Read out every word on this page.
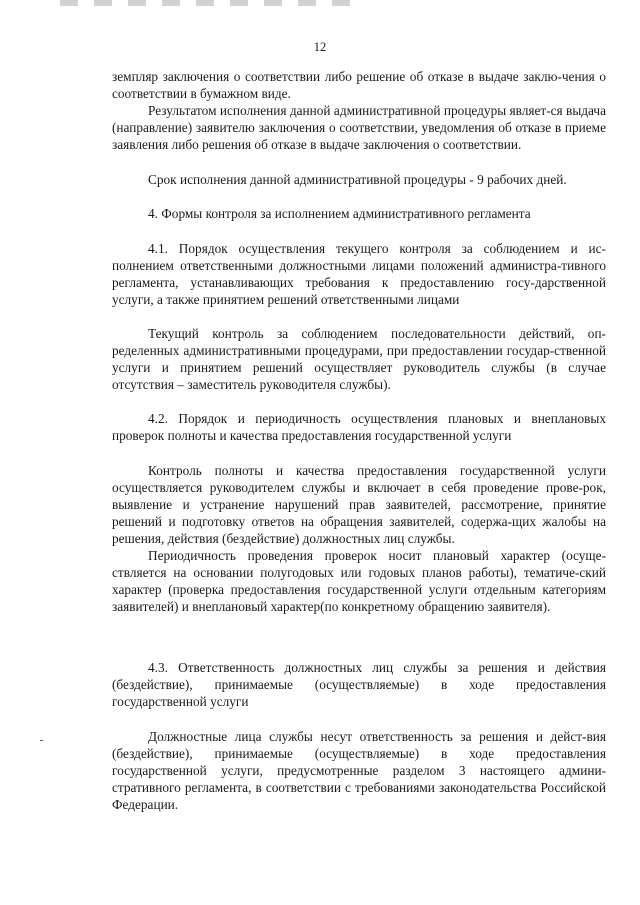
12

земпляр заключения о соответствии либо решение об отказе в выдаче заклю-чения о соответствии в бумажном виде.

Результатом исполнения данной административной процедуры являет-ся выдача (направление) заявителю заключения о соответствии, уведомления об отказе в приеме заявления либо решения об отказе в выдаче заключения о соответствии.

Срок исполнения данной административной процедуры - 9 рабочих дней.

4. Формы контроля за исполнением административного регламента

4.1. Порядок осуществления текущего контроля за соблюдением и ис-полнением ответственными должностными лицами положений администра-тивного регламента, устанавливающих требования к предоставлению госу-дарственной услуги, а также принятием решений ответственными лицами

Текущий контроль за соблюдением последовательности действий, оп-ределенных административными процедурами, при предоставлении государ-ственной услуги и принятием решений осуществляет руководитель службы (в случае отсутствия – заместитель руководителя службы).

4.2. Порядок и периодичность осуществления плановых и внеплановых проверок полноты и качества предоставления государственной услуги

Контроль полноты и качества предоставления государственной услуги осуществляется руководителем службы и включает в себя проведение прове-рок, выявление и устранение нарушений прав заявителей, рассмотрение, принятие решений и подготовку ответов на обращения заявителей, содержа-щих жалобы на решения, действия (бездействие) должностных лиц службы.

Периодичность проведения проверок носит плановый характер (осуще-ствляется на основании полугодовых или годовых планов работы), тематиче-ский характер (проверка предоставления государственной услуги отдельным категориям заявителей) и внеплановый характер(по конкретному обращению заявителя).

4.3. Ответственность должностных лиц службы за решения и действия (бездействие), принимаемые (осуществляемые) в ходе предоставления государственной услуги

Должностные лица службы несут ответственность за решения и дейст-вия (бездействие), принимаемые (осуществляемые) в ходе предоставления государственной услуги, предусмотренные разделом 3 настоящего админи-стративного регламента, в соответствии с требованиями законодательства Российской Федерации.
